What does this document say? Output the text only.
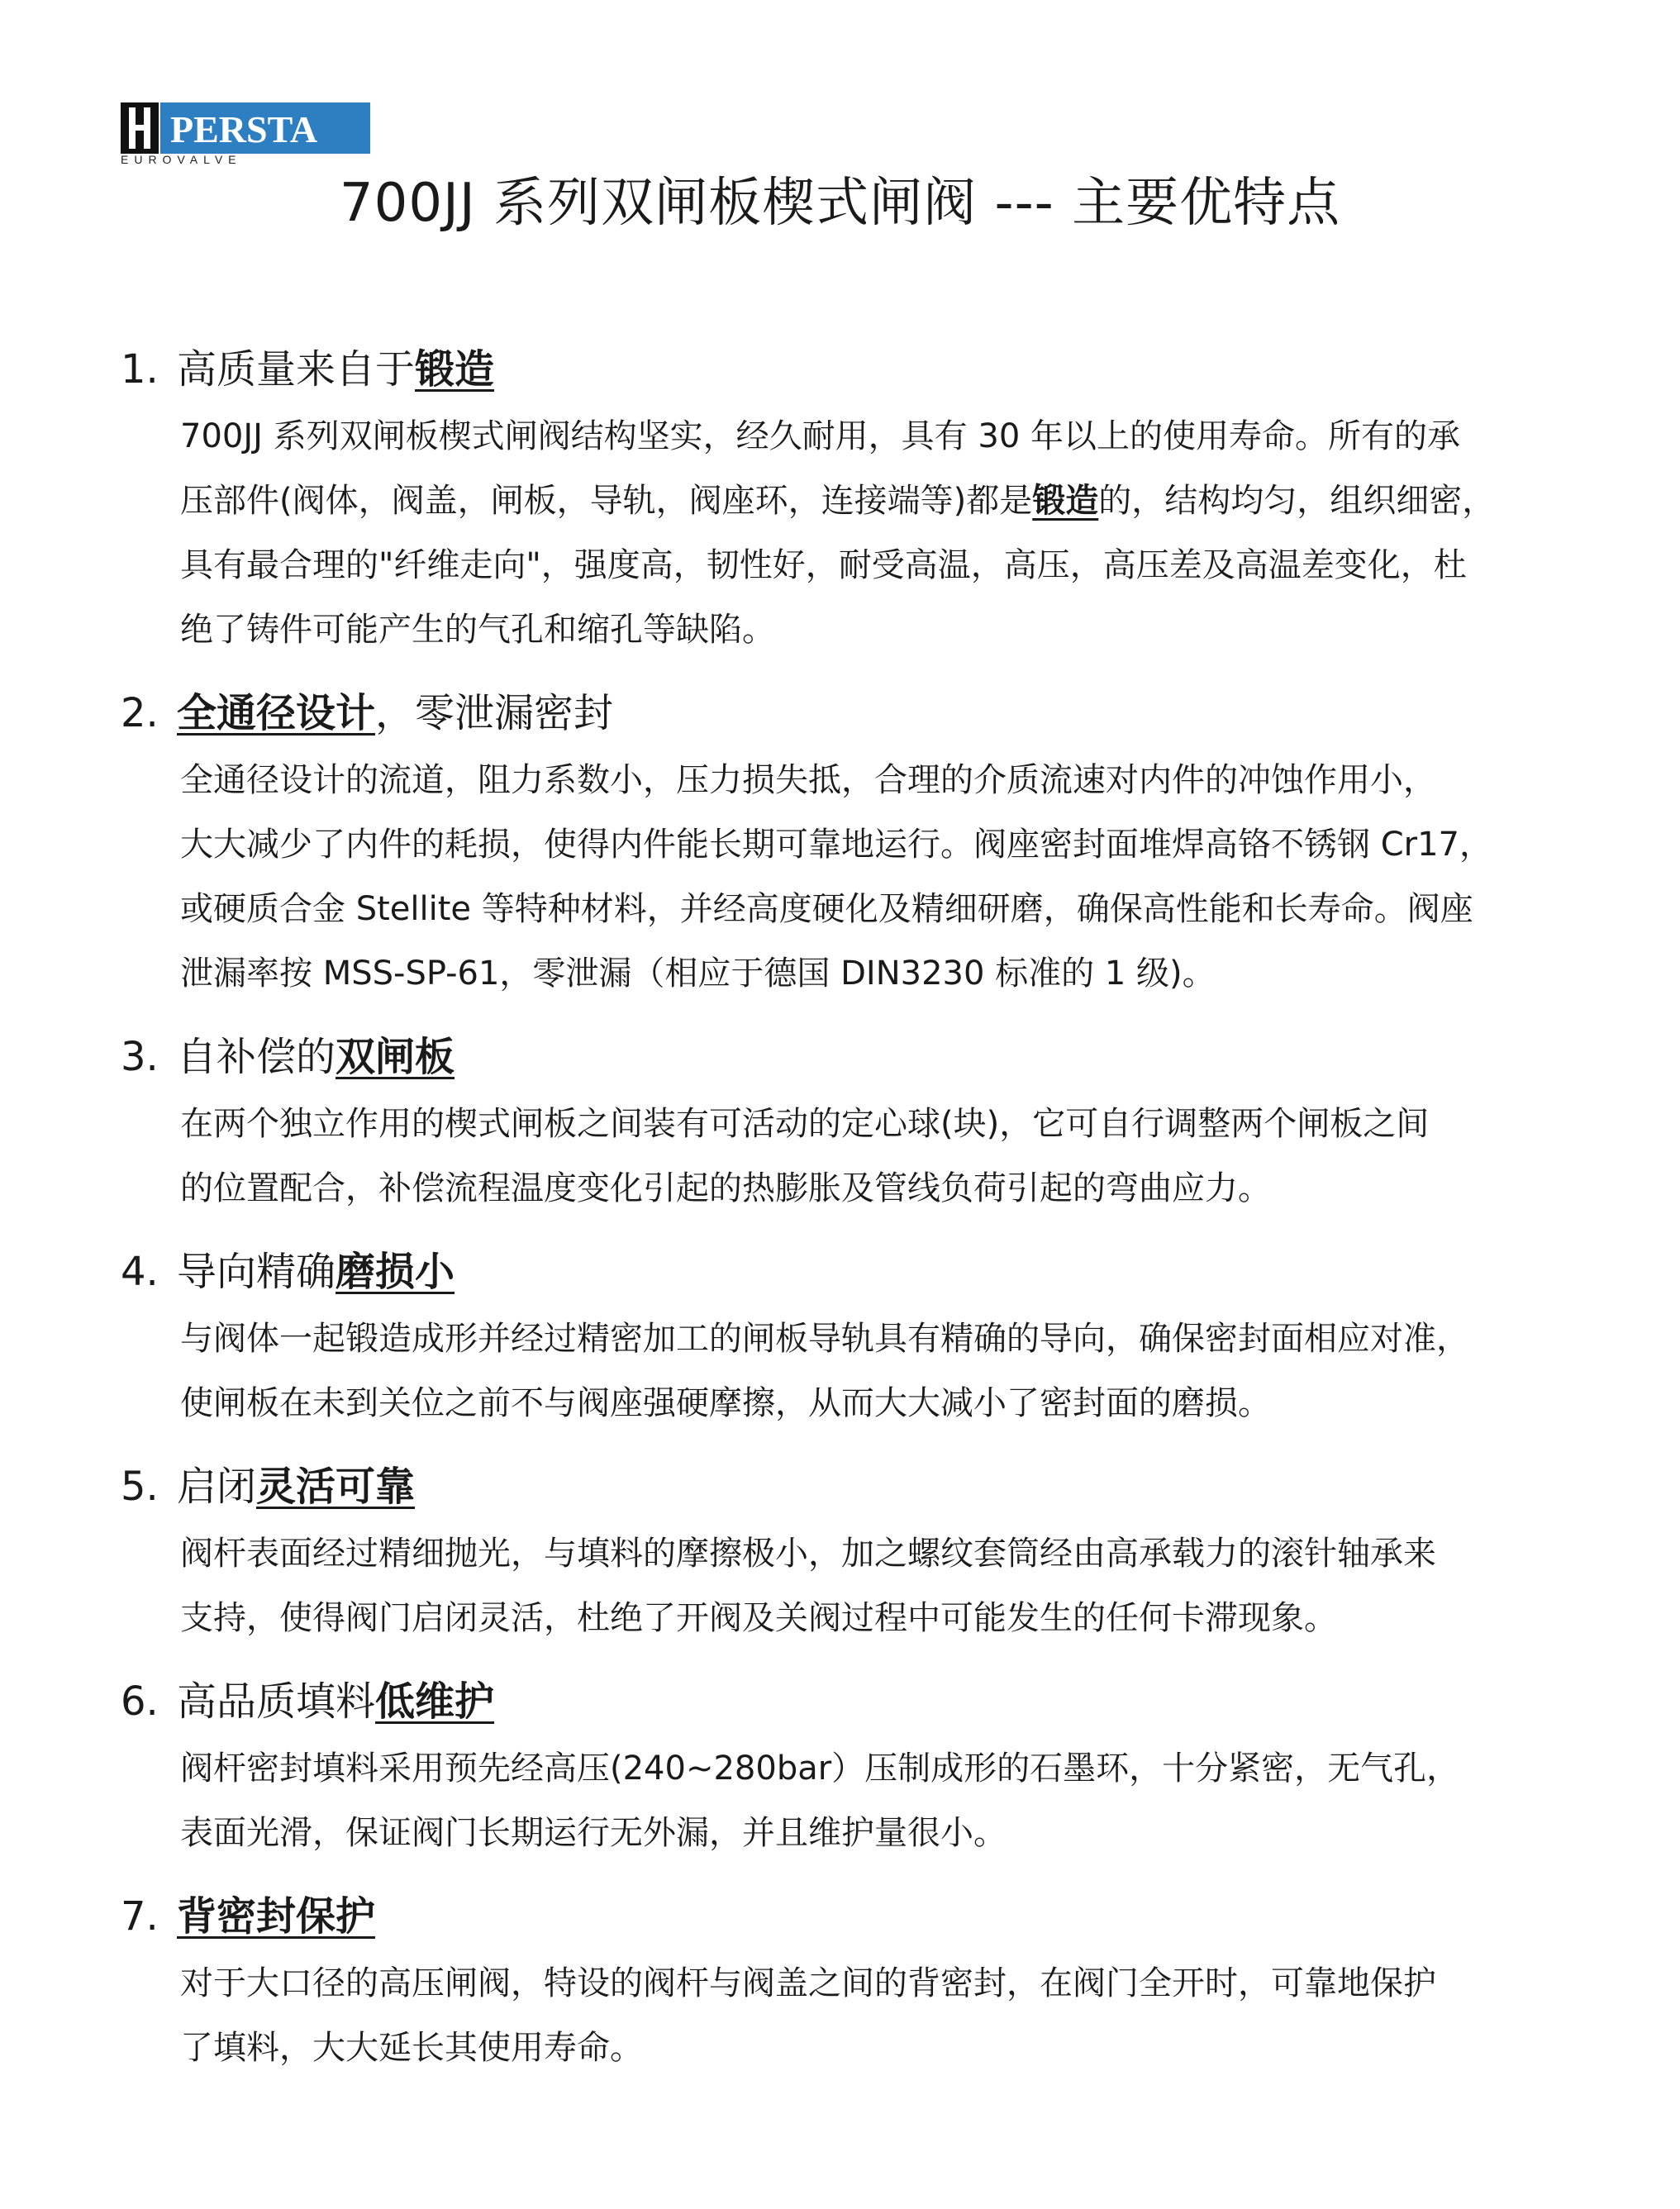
PERSTA
EUROVALVE
700JJ 系列双闸板楔式闸阀 --- 主要优特点
1. 高质量来自于锻造
700JJ 系列双闸板楔式闸阀结构坚实，经久耐用，具有 30 年以上的使用寿命。所有的承
压部件(阀体，阀盖，闸板，导轨，阀座环，连接端等)都是锻造的，结构均匀，组织细密，
具有最合理的"纤维走向"，强度高，韧性好，耐受高温，高压，高压差及高温差变化，杜
绝了铸件可能产生的气孔和缩孔等缺陷。
2. 全通径设计，零泄漏密封
全通径设计的流道，阻力系数小，压力损失抵，合理的介质流速对内件的冲蚀作用小，
大大减少了内件的耗损，使得内件能长期可靠地运行。阀座密封面堆焊高铬不锈钢 Cr17，
或硬质合金 Stellite 等特种材料，并经高度硬化及精细研磨，确保高性能和长寿命。阀座
泄漏率按 MSS-SP-61，零泄漏（相应于德国 DIN3230 标准的 1 级)。
3. 自补偿的双闸板
在两个独立作用的楔式闸板之间装有可活动的定心球(块)，它可自行调整两个闸板之间
的位置配合，补偿流程温度变化引起的热膨胀及管线负荷引起的弯曲应力。
4. 导向精确磨损小
与阀体一起锻造成形并经过精密加工的闸板导轨具有精确的导向，确保密封面相应对准，
使闸板在未到关位之前不与阀座强硬摩擦，从而大大减小了密封面的磨损。
5. 启闭灵活可靠
阀杆表面经过精细抛光，与填料的摩擦极小，加之螺纹套筒经由高承载力的滚针轴承来
支持，使得阀门启闭灵活，杜绝了开阀及关阀过程中可能发生的任何卡滞现象。
6. 高品质填料低维护
阀杆密封填料采用预先经高压(240~280bar）压制成形的石墨环，十分紧密，无气孔，
表面光滑，保证阀门长期运行无外漏，并且维护量很小。
7. 背密封保护
对于大口径的高压闸阀，特设的阀杆与阀盖之间的背密封，在阀门全开时，可靠地保护
了填料，大大延长其使用寿命。
